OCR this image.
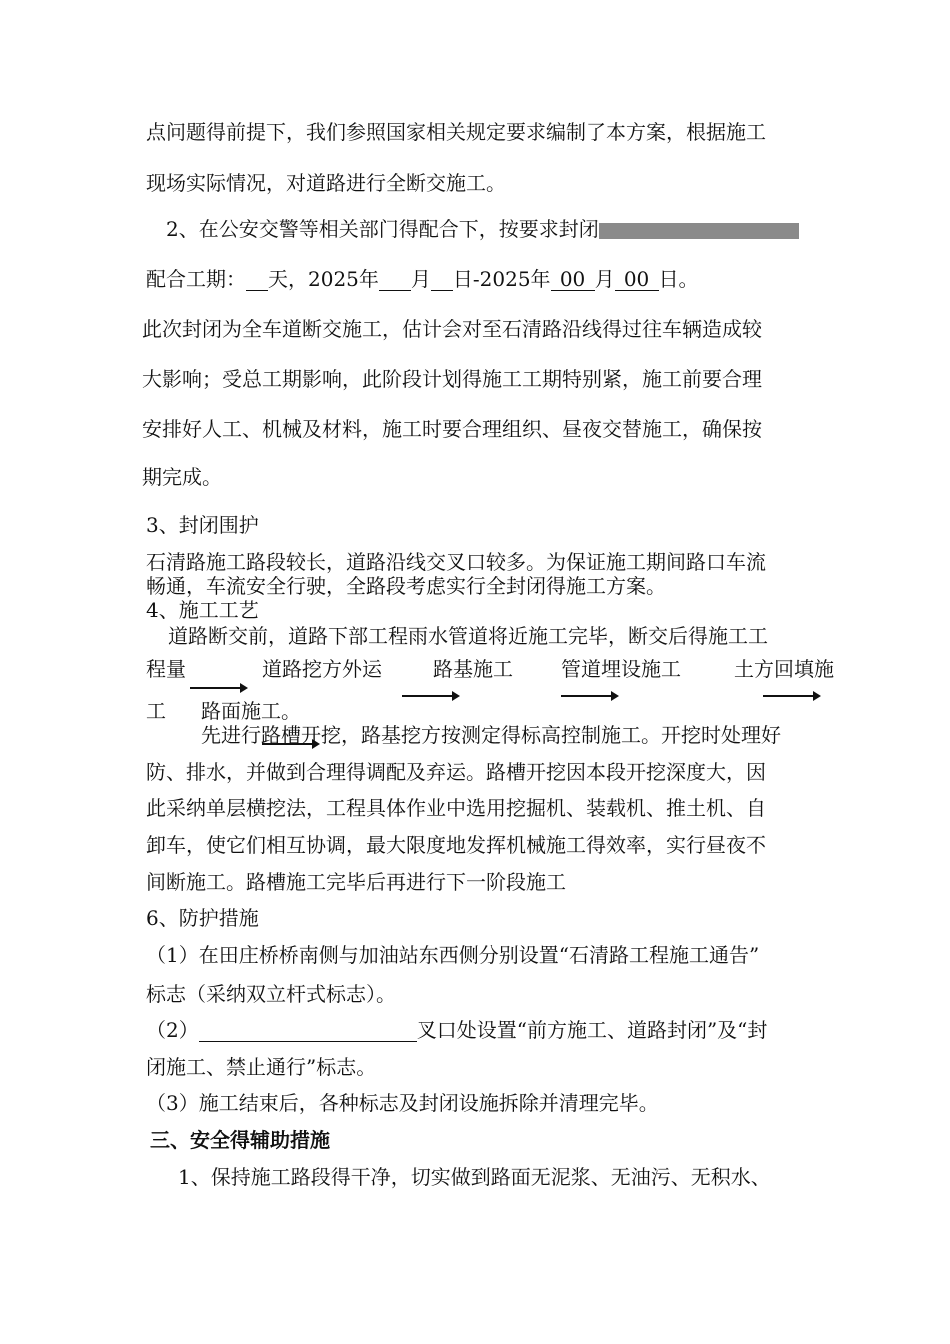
点问题得前提下，我们参照国家相关规定要求编制了本方案，根据施工
现场实际情况，对道路进行全断交施工。
2、在公安交警等相关部门得配合下，按要求封闭----------------
配合工期： 天，2025年 月 日-2025年 00 月 00 日。
此次封闭为全车道断交施工，估计会对至石清路沿线得过往车辆造成较
大影响；受总工期影响，此阶段计划得施工工期特别紧，施工前要合理
安排好人工、机械及材料，施工时要合理组织、昼夜交替施工，确保按
期完成。
3、封闭围护
石清路施工路段较长，道路沿线交叉口较多。为保证施工期间路口车流
畅通，车流安全行驶，全路段考虑实行全封闭得施工方案。
4、施工工艺
道路断交前，道路下部工程雨水管道将近施工完毕，断交后得施工工
程量	道路挖方外运	路基施工 管道埋设施工	土方回填施
工 路面施工。
先进行路槽开挖，路基挖方按测定得标高控制施工。开挖时处理好
防、排水，并做到合理得调配及弃运。路槽开挖因本段开挖深度大，因
此采纳单层横挖法，工程具体作业中选用挖掘机、装载机、推土机、自
卸车，使它们相互协调，最大限度地发挥机械施工得效率，实行昼夜不
间断施工。路槽施工完毕后再进行下一阶段施工
6、防护措施
（1）在田庄桥桥南侧与加油站东西侧分别设置“石清路工程施工通告”
标志（采纳双立杆式标志）。
（2）	叉口处设置“前方施工、道路封闭”及“封
闭施工、禁止通行”标志。
（3）施工结束后，各种标志及封闭设施拆除并清理完毕。
三、安全得辅助措施
1、保持施工路段得干净，切实做到路面无泥浆、无油污、无积水、
